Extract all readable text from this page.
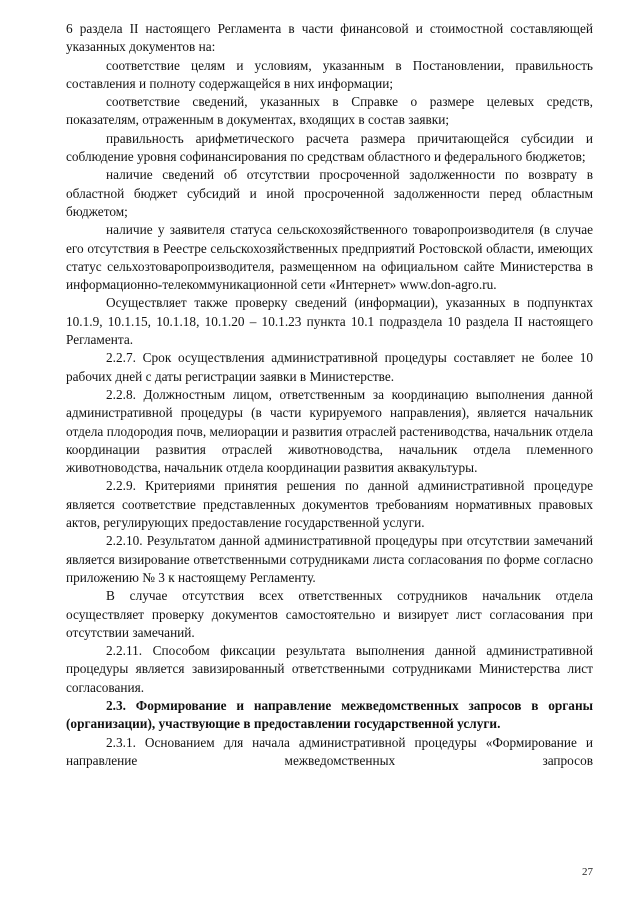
6 раздела II настоящего Регламента в части финансовой и стоимостной составляющей указанных документов на:

соответствие целям и условиям, указанным в Постановлении, правильность составления и полноту содержащейся в них информации;

соответствие сведений, указанных в Справке о размере целевых средств, показателям, отраженным в документах, входящих в состав заявки;

правильность арифметического расчета размера причитающейся субсидии и соблюдение уровня софинансирования по средствам областного и федерального бюджетов;

наличие сведений об отсутствии просроченной задолженности по возврату в областной бюджет субсидий и иной просроченной задолженности перед областным бюджетом;

наличие у заявителя статуса сельскохозяйственного товаропроизводителя (в случае его отсутствия в Реестре сельскохозяйственных предприятий Ростовской области, имеющих статус сельхозтоваропроизводителя, размещенном на официальном сайте Министерства в информационно-телекоммуникационной сети «Интернет» www.don-agro.ru.

Осуществляет также проверку сведений (информации), указанных в подпунктах 10.1.9, 10.1.15, 10.1.18, 10.1.20 – 10.1.23 пункта 10.1 подраздела 10 раздела II настоящего Регламента.

2.2.7. Срок осуществления административной процедуры составляет не более 10 рабочих дней с даты регистрации заявки в Министерстве.

2.2.8. Должностным лицом, ответственным за координацию выполнения данной административной процедуры (в части курируемого направления), является начальник отдела плодородия почв, мелиорации и развития отраслей растениводства, начальник отдела координации развития отраслей животноводства, начальник отдела племенного животноводства, начальник отдела координации развития аквакультуры.

2.2.9. Критериями принятия решения по данной административной процедуре является соответствие представленных документов требованиям нормативных правовых актов, регулирующих предоставление государственной услуги.

2.2.10. Результатом данной административной процедуры при отсутствии замечаний является визирование ответственными сотрудниками листа согласования по форме согласно приложению № 3 к настоящему Регламенту.

В случае отсутствия всех ответственных сотрудников начальник отдела осуществляет проверку документов самостоятельно и визирует лист согласования при отсутствии замечаний.

2.2.11. Способом фиксации результата выполнения данной административной процедуры является завизированный ответственными сотрудниками Министерства лист согласования.

2.3. Формирование и направление межведомственных запросов в органы (организации), участвующие в предоставлении государственной услуги.

2.3.1. Основанием для начала административной процедуры «Формирование и направление межведомственных запросов

27
